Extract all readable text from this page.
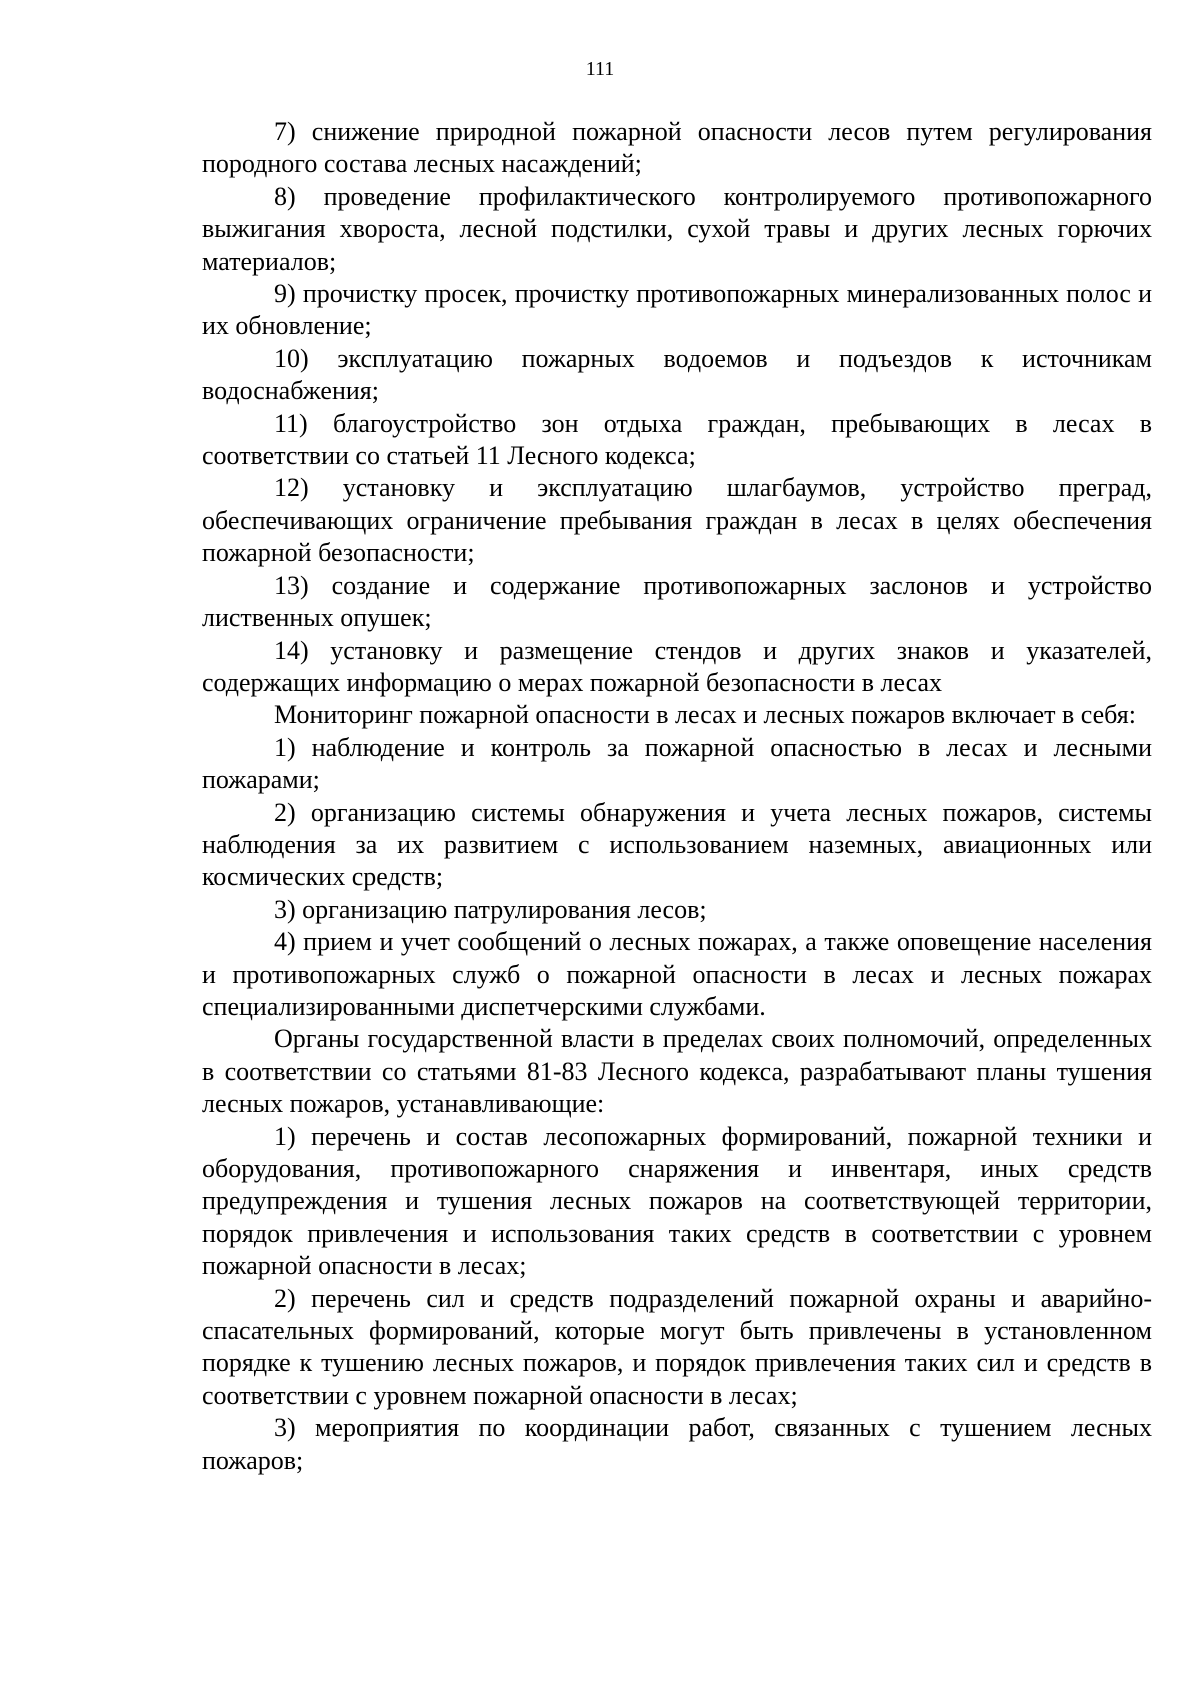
111

7) снижение природной пожарной опасности лесов путем регулирования породного состава лесных насаждений;

8) проведение профилактического контролируемого противопожарного выжигания хвороста, лесной подстилки, сухой травы и других лесных горючих материалов;

9) прочистку просек, прочистку противопожарных минерализованных полос и их обновление;

10) эксплуатацию пожарных водоемов и подъездов к источникам водоснабжения;

11) благоустройство зон отдыха граждан, пребывающих в лесах в соответствии со статьей 11 Лесного кодекса;

12) установку и эксплуатацию шлагбаумов, устройство преград, обеспечивающих ограничение пребывания граждан в лесах в целях обеспечения пожарной безопасности;

13) создание и содержание противопожарных заслонов и устройство лиственных опушек;

14) установку и размещение стендов и других знаков и указателей, содержащих информацию о мерах пожарной безопасности в лесах

Мониторинг пожарной опасности в лесах и лесных пожаров включает в себя:

1) наблюдение и контроль за пожарной опасностью в лесах и лесными пожарами;

2) организацию системы обнаружения и учета лесных пожаров, системы наблюдения за их развитием с использованием наземных, авиационных или космических средств;

3) организацию патрулирования лесов;

4) прием и учет сообщений о лесных пожарах, а также оповещение населения и противопожарных служб о пожарной опасности в лесах и лесных пожарах специализированными диспетчерскими службами.

Органы государственной власти в пределах своих полномочий, определенных в соответствии со статьями 81-83 Лесного кодекса, разрабатывают планы тушения лесных пожаров, устанавливающие:

1) перечень и состав лесопожарных формирований, пожарной техники и оборудования, противопожарного снаряжения и инвентаря, иных средств предупреждения и тушения лесных пожаров на соответствующей территории, порядок привлечения и использования таких средств в соответствии с уровнем пожарной опасности в лесах;

2) перечень сил и средств подразделений пожарной охраны и аварийно-спасательных формирований, которые могут быть привлечены в установленном порядке к тушению лесных пожаров, и порядок привлечения таких сил и средств в соответствии с уровнем пожарной опасности в лесах;

3) мероприятия по координации работ, связанных с тушением лесных пожаров;
